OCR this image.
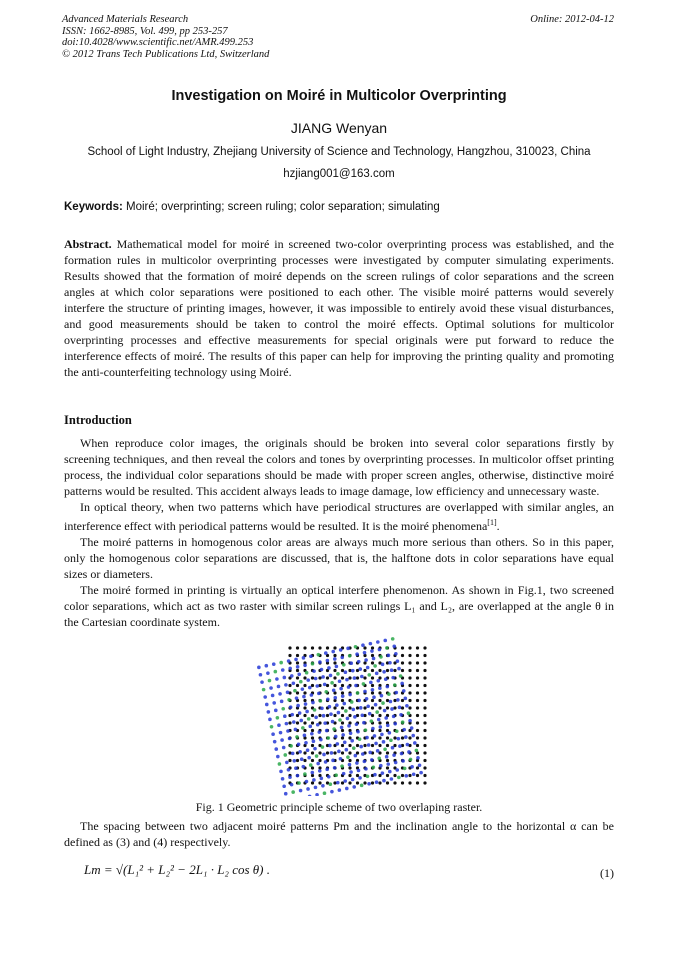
Advanced Materials Research
ISSN: 1662-8985, Vol. 499, pp 253-257
doi:10.4028/www.scientific.net/AMR.499.253
© 2012 Trans Tech Publications Ltd, Switzerland
Online: 2012-04-12
Investigation on Moiré in Multicolor Overprinting
JIANG Wenyan
School of Light Industry, Zhejiang University of Science and Technology, Hangzhou, 310023, China
hzjiang001@163.com
Keywords: Moiré; overprinting; screen ruling; color separation; simulating
Abstract. Mathematical model for moiré in screened two-color overprinting process was established, and the formation rules in multicolor overprinting processes were investigated by computer simulating experiments. Results showed that the formation of moiré depends on the screen rulings of color separations and the screen angles at which color separations were positioned to each other. The visible moiré patterns would severely interfere the structure of printing images, however, it was impossible to entirely avoid these visual disturbances, and good measurements should be taken to control the moiré effects. Optimal solutions for multicolor overprinting processes and effective measurements for special originals were put forward to reduce the interference effects of moiré. The results of this paper can help for improving the printing quality and promoting the anti-counterfeiting technology using Moiré.
Introduction

When reproduce color images, the originals should be broken into several color separations firstly by screening techniques, and then reveal the colors and tones by overprinting processes. In multicolor offset printing process, the individual color separations should be made with proper screen angles, otherwise, distinctive moiré patterns would be resulted. This accident always leads to image damage, low efficiency and unnecessary waste.

In optical theory, when two patterns which have periodical structures are overlapped with similar angles, an interference effect with periodical patterns would be resulted. It is the moiré phenomena[1].

The moiré patterns in homogenous color areas are always much more serious than others. So in this paper, only the homogenous color separations are discussed, that is, the halftone dots in color separations have equal sizes or diameters.

The moiré formed in printing is virtually an optical interfere phenomenon. As shown in Fig.1, two screened color separations, which act as two raster with similar screen rulings L₁ and L₂, are overlapped at the angle θ in the Cartesian coordinate system.

Fig. 1 Geometric principle scheme of two overlaping raster.

The spacing between two adjacent moiré patterns Pm and the inclination angle to the horizontal α can be defined as (3) and (4) respectively.

Lm = √(L₁² + L₂² − 2L₁ · L₂ cos θ) .	(1)
